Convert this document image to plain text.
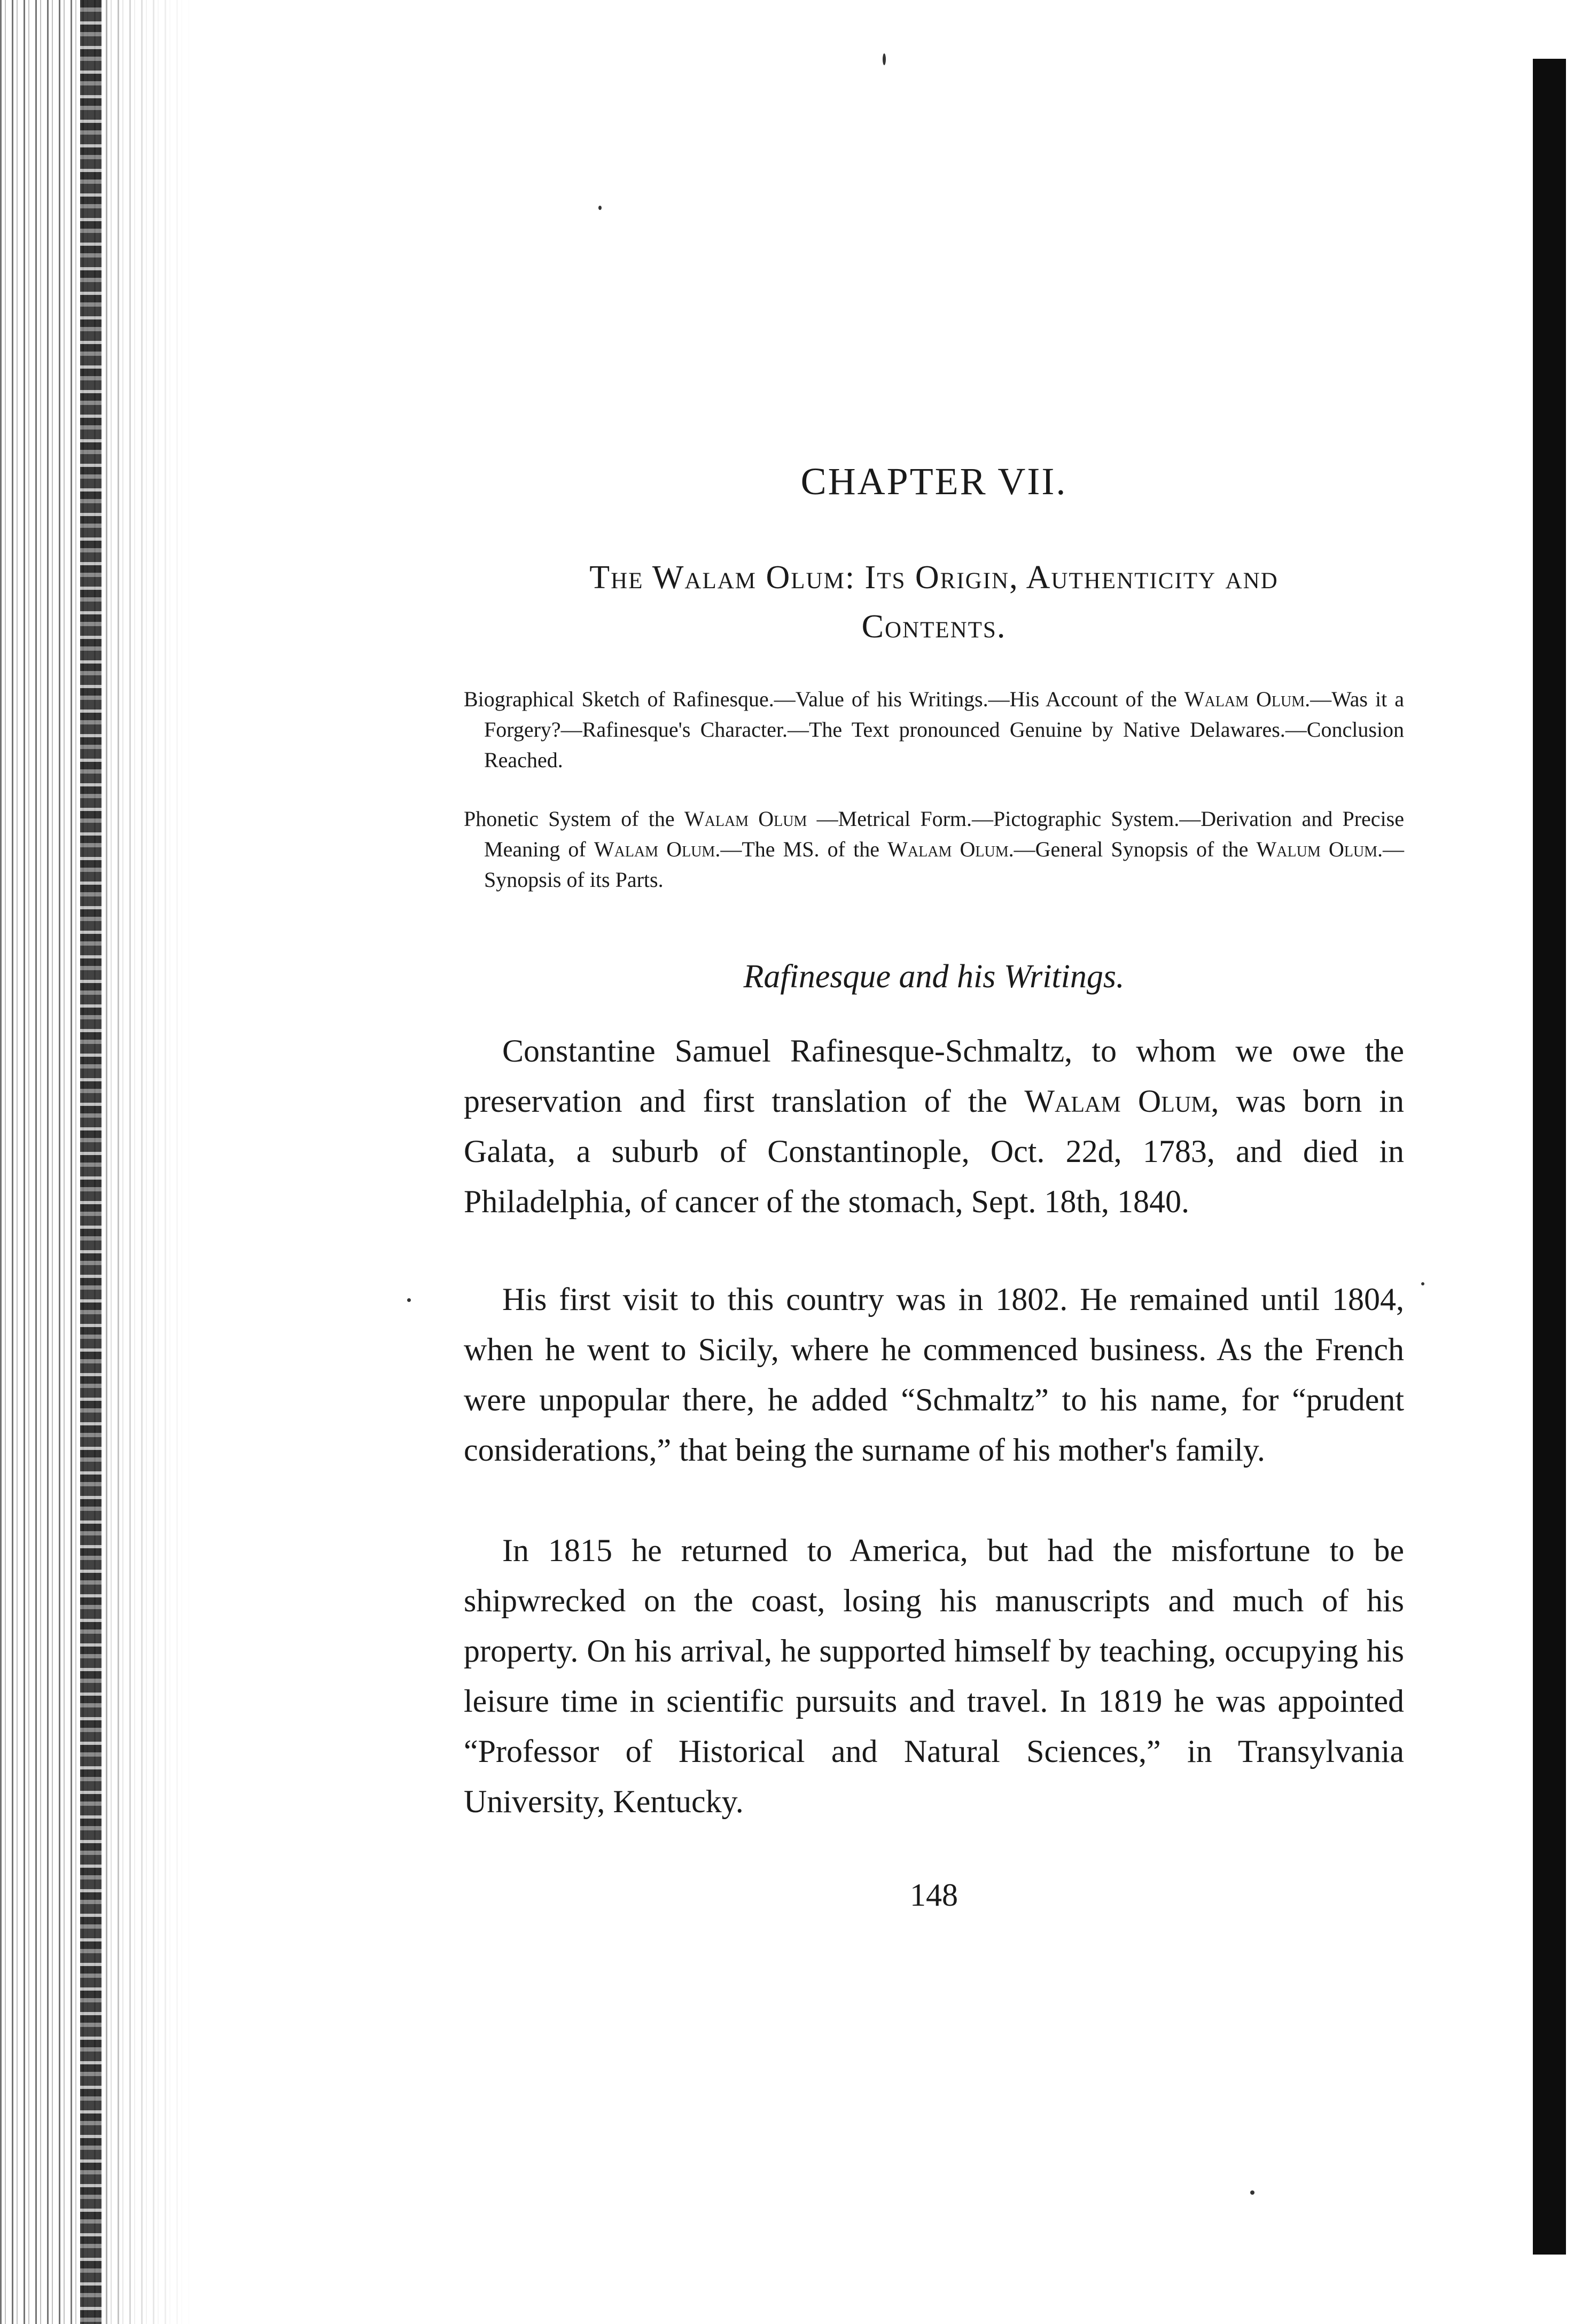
CHAPTER VII.
The Walam Olum: Its Origin, Authenticity and
Contents.
Biographical Sketch of Rafinesque.—Value of his Writings.—His Account of the Walam Olum.—Was it a Forgery?—Rafinesque's Character.—The Text pronounced Genuine by Native Delawares.—Conclusion Reached.
Phonetic System of the Walam Olum —Metrical Form.—Pictographic System.—Derivation and Precise Meaning of Walam Olum.—The MS. of the Walam Olum.—General Synopsis of the Walum Olum.—Synopsis of its Parts.
Rafinesque and his Writings.

Constantine Samuel Rafinesque-Schmaltz, to whom we owe the preservation and first translation of the Walam Olum, was born in Galata, a suburb of Constantinople, Oct. 22d, 1783, and died in Philadelphia, of cancer of the stomach, Sept. 18th, 1840.

His first visit to this country was in 1802. He remained until 1804, when he went to Sicily, where he commenced business. As the French were unpopular there, he added “Schmaltz” to his name, for “prudent considerations,” that being the surname of his mother's family.

In 1815 he returned to America, but had the misfortune to be shipwrecked on the coast, losing his manuscripts and much of his property. On his arrival, he supported himself by teaching, occupying his leisure time in scientific pursuits and travel. In 1819 he was appointed “Professor of Historical and Natural Sciences,” in Transylvania University, Kentucky.

148
